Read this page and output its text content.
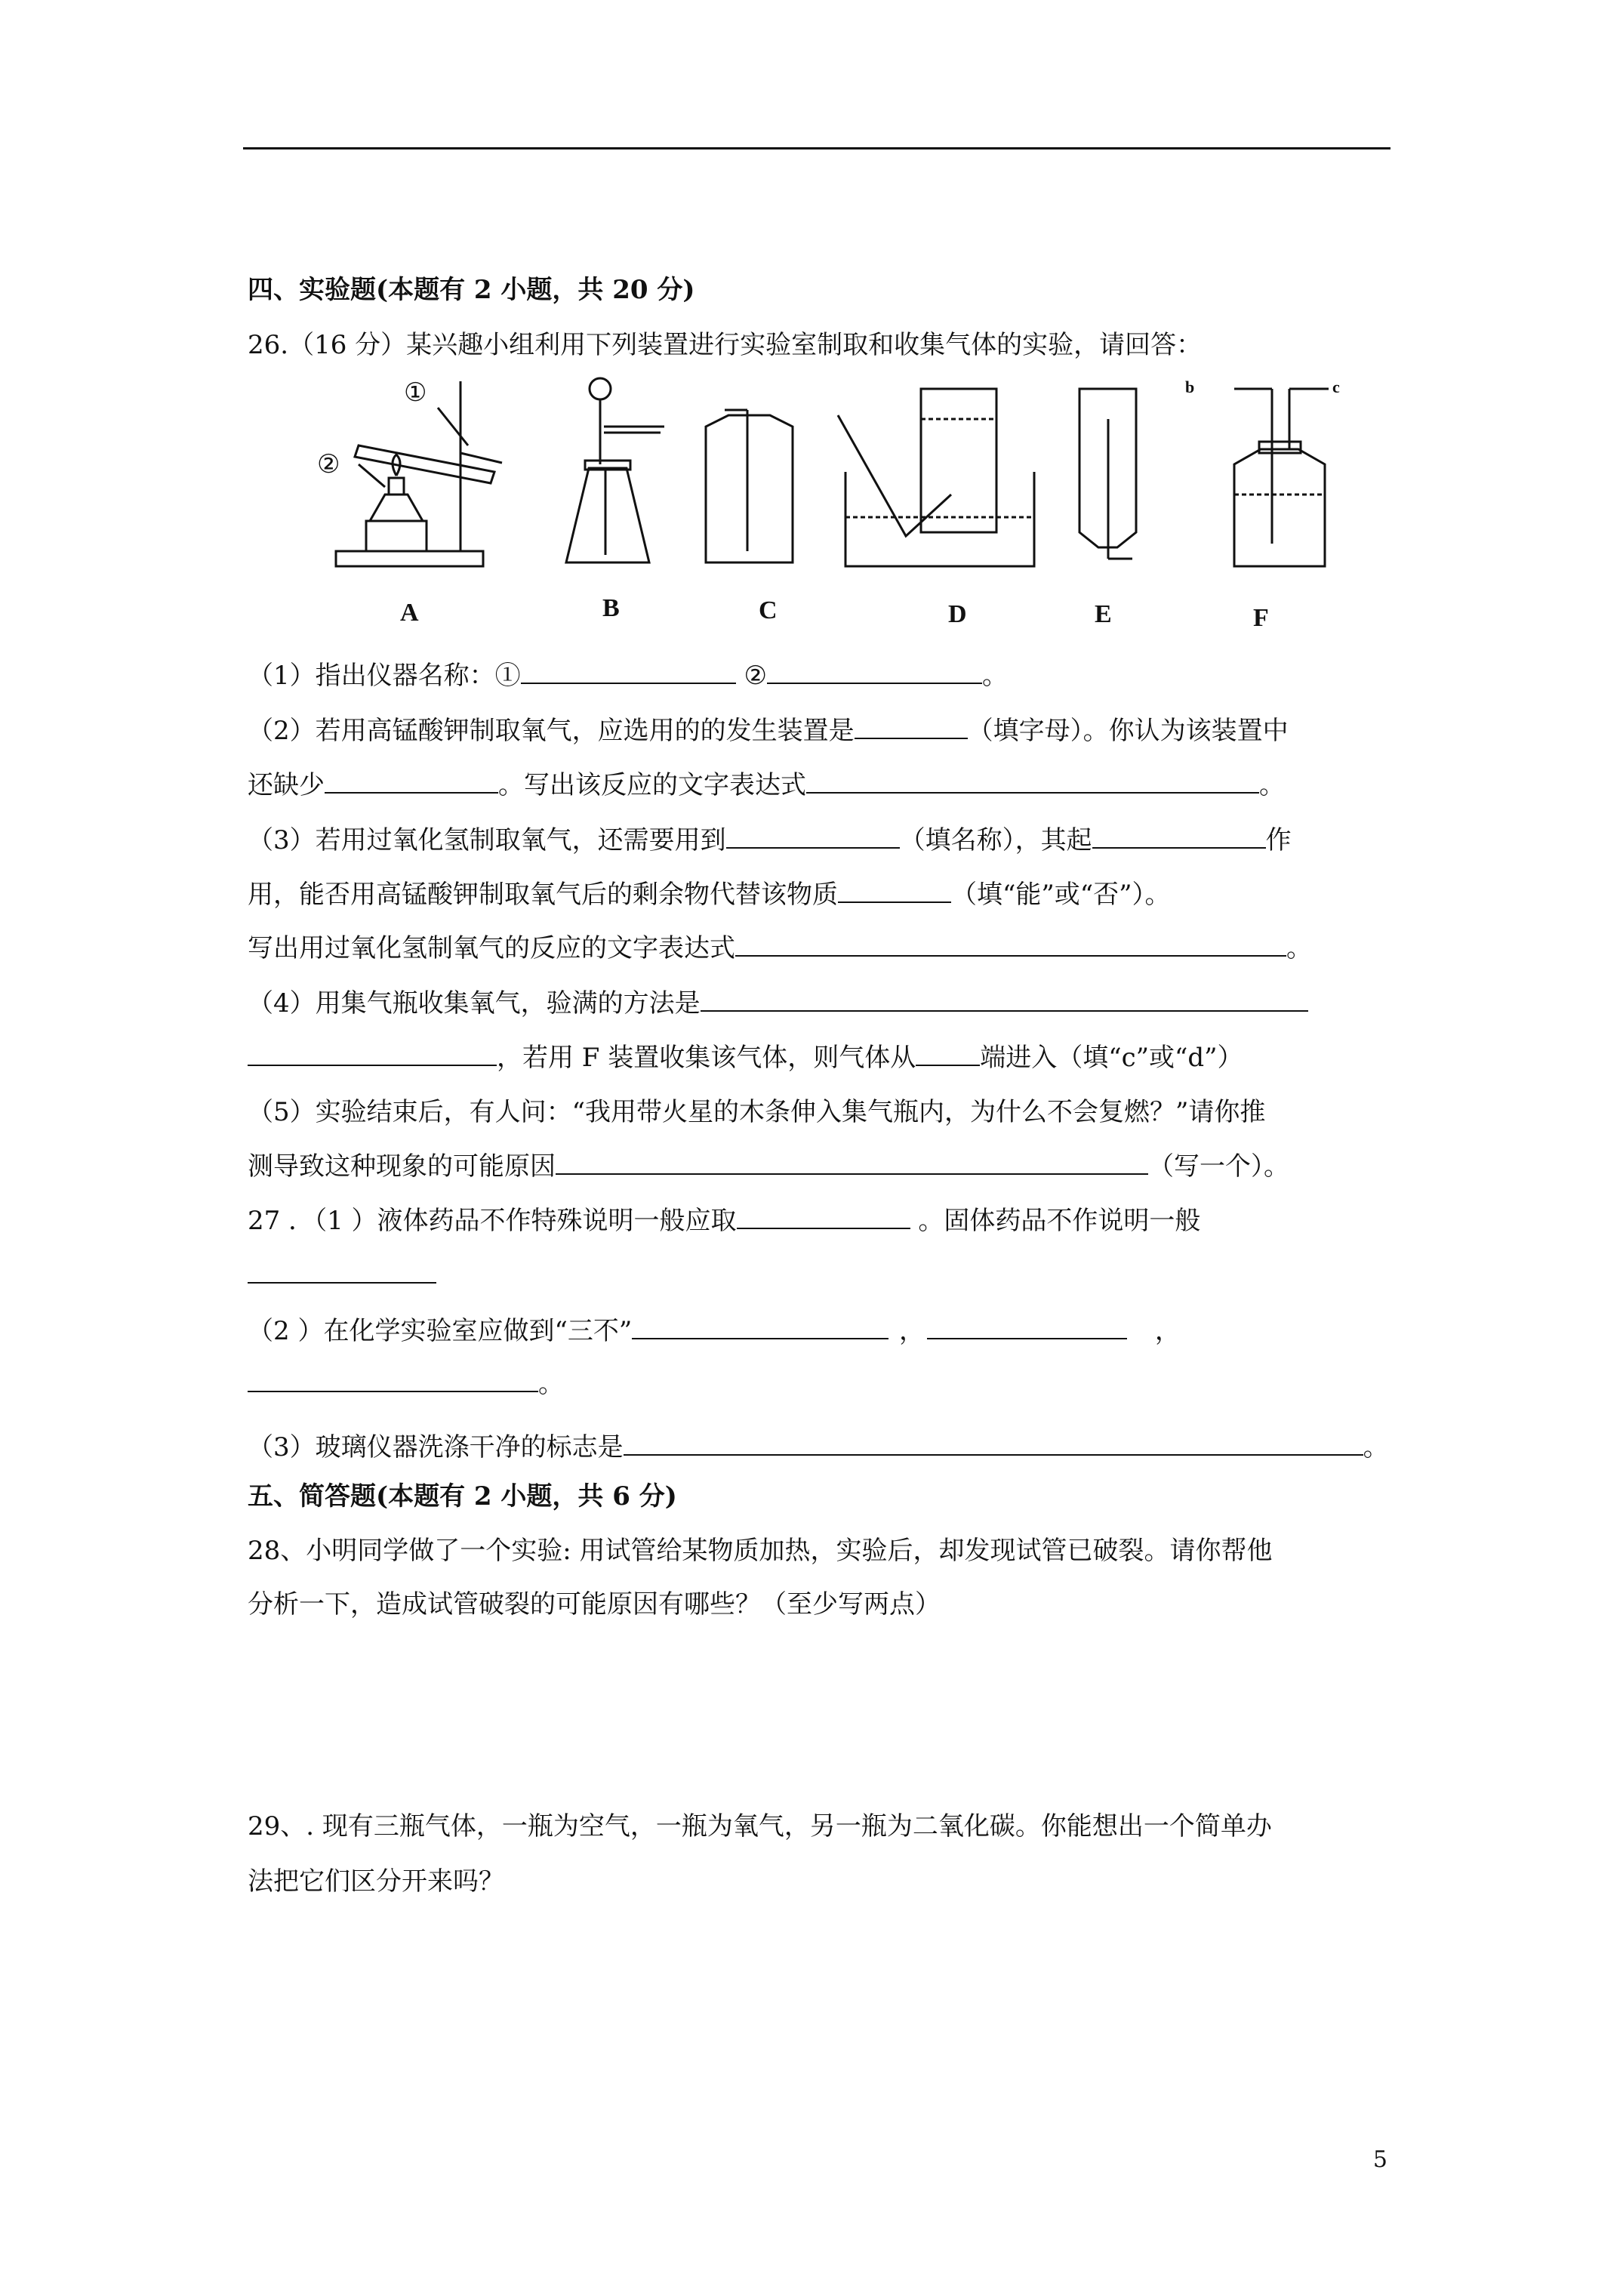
四、实验题(本题有 2 小题，共 20 分)
26.（16 分）某兴趣小组利用下列装置进行实验室制取和收集气体的实验，请回答：
A	B	C	D	E	F
①
②
b	c
（1）指出仪器名称：①	②	。
（2）若用高锰酸钾制取氧气，应选用的的发生装置是	（填字母）。你认为该装置中
还缺少	。写出该反应的文字表达式	。
（3）若用过氧化氢制取氧气，还需要用到	（填名称），其起	作
用，能否用高锰酸钾制取氧气后的剩余物代替该物质	（填“能”或“否”）。
写出用过氧化氢制氧气的反应的文字表达式	。
（4）用集气瓶收集氧气，验满的方法是
，若用 F 装置收集该气体，则气体从	端进入（填“c”或“d”）
（5）实验结束后，有人问：“我用带火星的木条伸入集气瓶内，为什么不会复燃？”请你推
测导致这种现象的可能原因	（写一个）。
27 ．（1 ）液体药品不作特殊说明一般应取	。固体药品不作说明一般
（2 ）在化学实验室应做到“三不”	，	，
。
（3）玻璃仪器洗涤干净的标志是	。
五、简答题(本题有 2 小题，共 6 分)
28、小明同学做了一个实验: 用试管给某物质加热，实验后，却发现试管已破裂。请你帮他
分析一下，造成试管破裂的可能原因有哪些？（至少写两点）
29、. 现有三瓶气体，一瓶为空气，一瓶为氧气，另一瓶为二氧化碳。你能想出一个简单办
法把它们区分开来吗？
5
